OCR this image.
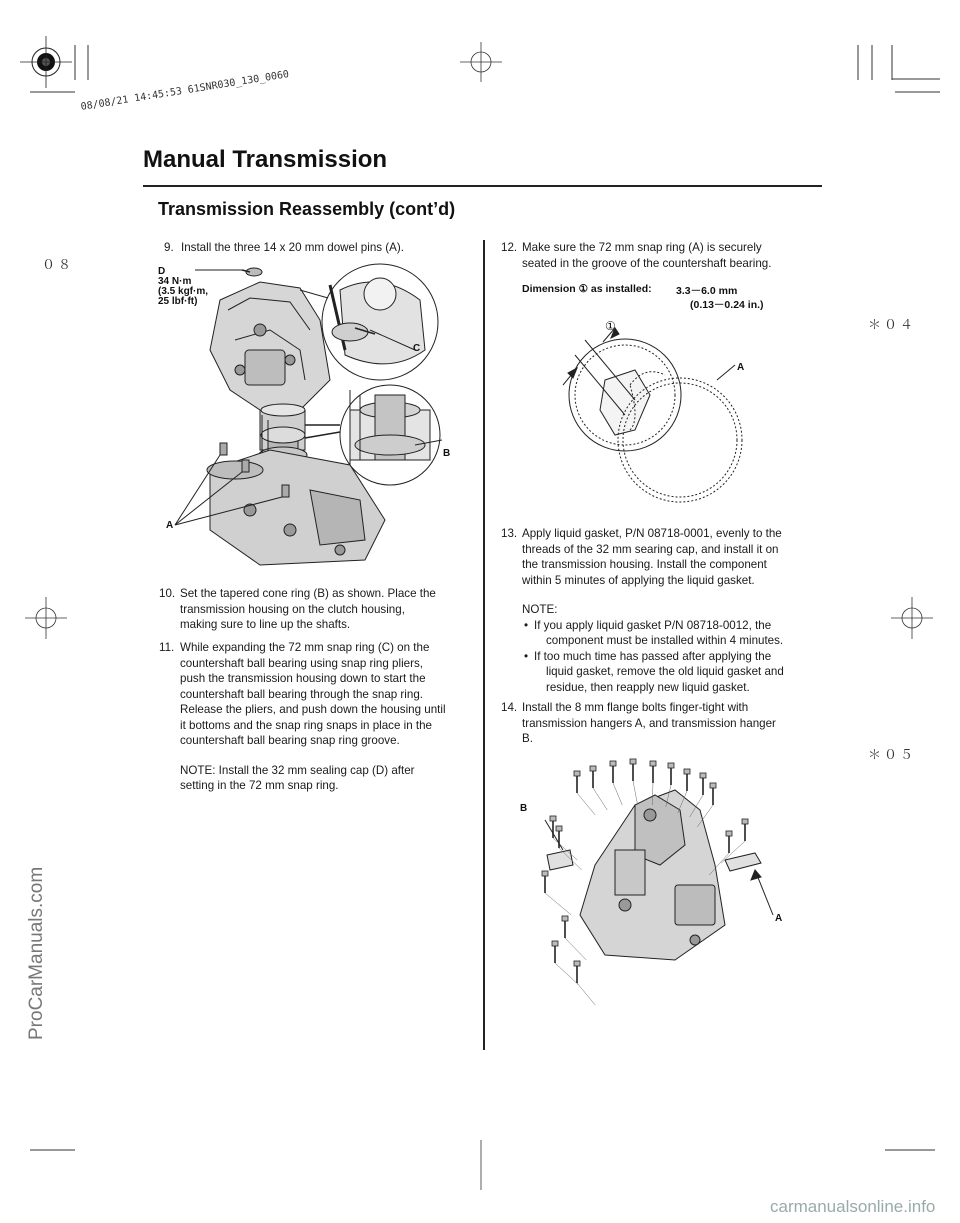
08/08/21 14:45:53 61SNR030_130_0060
Manual Transmission
Transmission Reassembly (cont’d)
０８
＊０４
＊０５
9. Install the three 14 x 20 mm dowel pins (A).
D
34 N·m
(3.5 kgf·m,
25 lbf·ft)
C
B
A
10. Set the tapered cone ring (B) as shown. Place the
transmission housing on the clutch housing,
making sure to line up the shafts.
11. While expanding the 72 mm snap ring (C) on the
countershaft ball bearing using snap ring pliers,
push the transmission housing down to start the
countershaft ball bearing through the snap ring.
Release the pliers, and push down the housing until
it bottoms and the snap ring snaps in place in the
countershaft ball bearing snap ring groove.
NOTE: Install the 32 mm sealing cap (D) after
setting in the 72 mm snap ring.
12. Make sure the 72 mm snap ring (A) is securely
seated in the groove of the countershaft bearing.
Dimension ① as installed: 3.3－6.0 mm
(0.13－0.24 in.)
①
A
13. Apply liquid gasket, P/N 08718-0001, evenly to the
threads of the 32 mm searing cap, and install it on
the transmission housing. Install the component
within 5 minutes of applying the liquid gasket.
NOTE:
• If you apply liquid gasket P/N 08718-0012, the
component must be installed within 4 minutes.
• If too much time has passed after applying the
liquid gasket, remove the old liquid gasket and
residue, then reapply new liquid gasket.
14. Install the 8 mm flange bolts finger-tight with
transmission hangers A, and transmission hanger
B.
B
A
ProCarManuals.com
carmanualsonline.info
